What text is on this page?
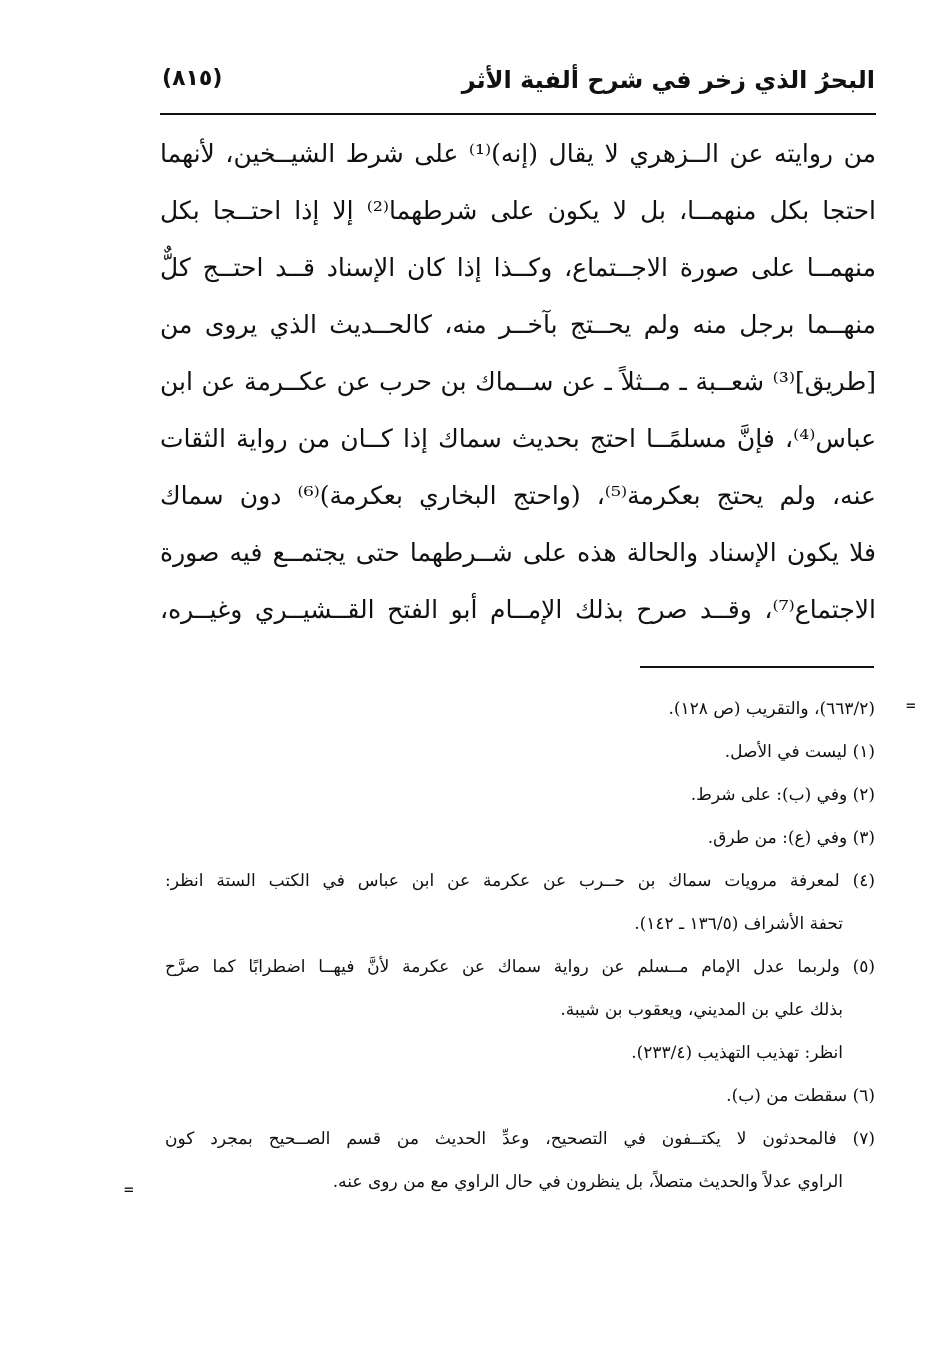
البحرُ الذي زخر في شرح ألفية الأثر
(٨١٥)
من روايته عن الــزهري لا يقال (إنه)⁽¹⁾ على شرط الشيــخين، لأنهما
احتجا بكل منهمــا، بل لا يكون على شرطهما⁽²⁾ إلا إذا احتــجا بكل
منهمــا على صورة الاجــتماع، وكــذا إذا كان الإسناد قــد احتــج كلٌّ
منهــما برجل منه ولم يحــتج بآخــر منه، كالحــديث الذي يروى من
[طريق]⁽³⁾ شعــبة ـ مــثلاً ـ عن ســماك بن حرب عن عكــرمة عن ابن
عباس⁽⁴⁾، فإنَّ مسلمًــا احتج بحديث سماك إذا كــان من رواية الثقات
عنه، ولم يحتج بعكرمة⁽⁵⁾، (واحتج البخاري بعكرمة)⁽⁶⁾ دون سماك
فلا يكون الإسناد والحالة هذه على شــرطهما حتى يجتمــع فيه صورة
الاجتماع⁽⁷⁾، وقــد صرح بذلك الإمــام أبو الفتح القــشيــري وغيــره،
(٦٦٣/٢)، والتقريب (ص ١٢٨).
(١) ليست في الأصل.
(٢) وفي (ب): على شرط.
(٣) وفي (ع): من طرق.
(٤) لمعرفة مرويات سماك بن حــرب عن عكرمة عن ابن عباس في الكتب الستة انظر:
تحفة الأشراف (١٣٦/٥ ـ ١٤٢).
(٥) ولربما عدل الإمام مــسلم عن رواية سماك عن عكرمة لأنَّ فيهــا اضطرابًا كما صرَّح
بذلك علي بن المديني، ويعقوب بن شيبة.
انظر: تهذيب التهذيب (٢٣٣/٤).
(٦) سقطت من (ب).
(٧) فالمحدثون لا يكتــفون في التصحيح، وعدِّ الحديث من قسم الصــحيح بمجرد كون
الراوي عدلاً والحديث متصلاً، بل ينظرون في حال الراوي مع من روى عنه.
=
=
